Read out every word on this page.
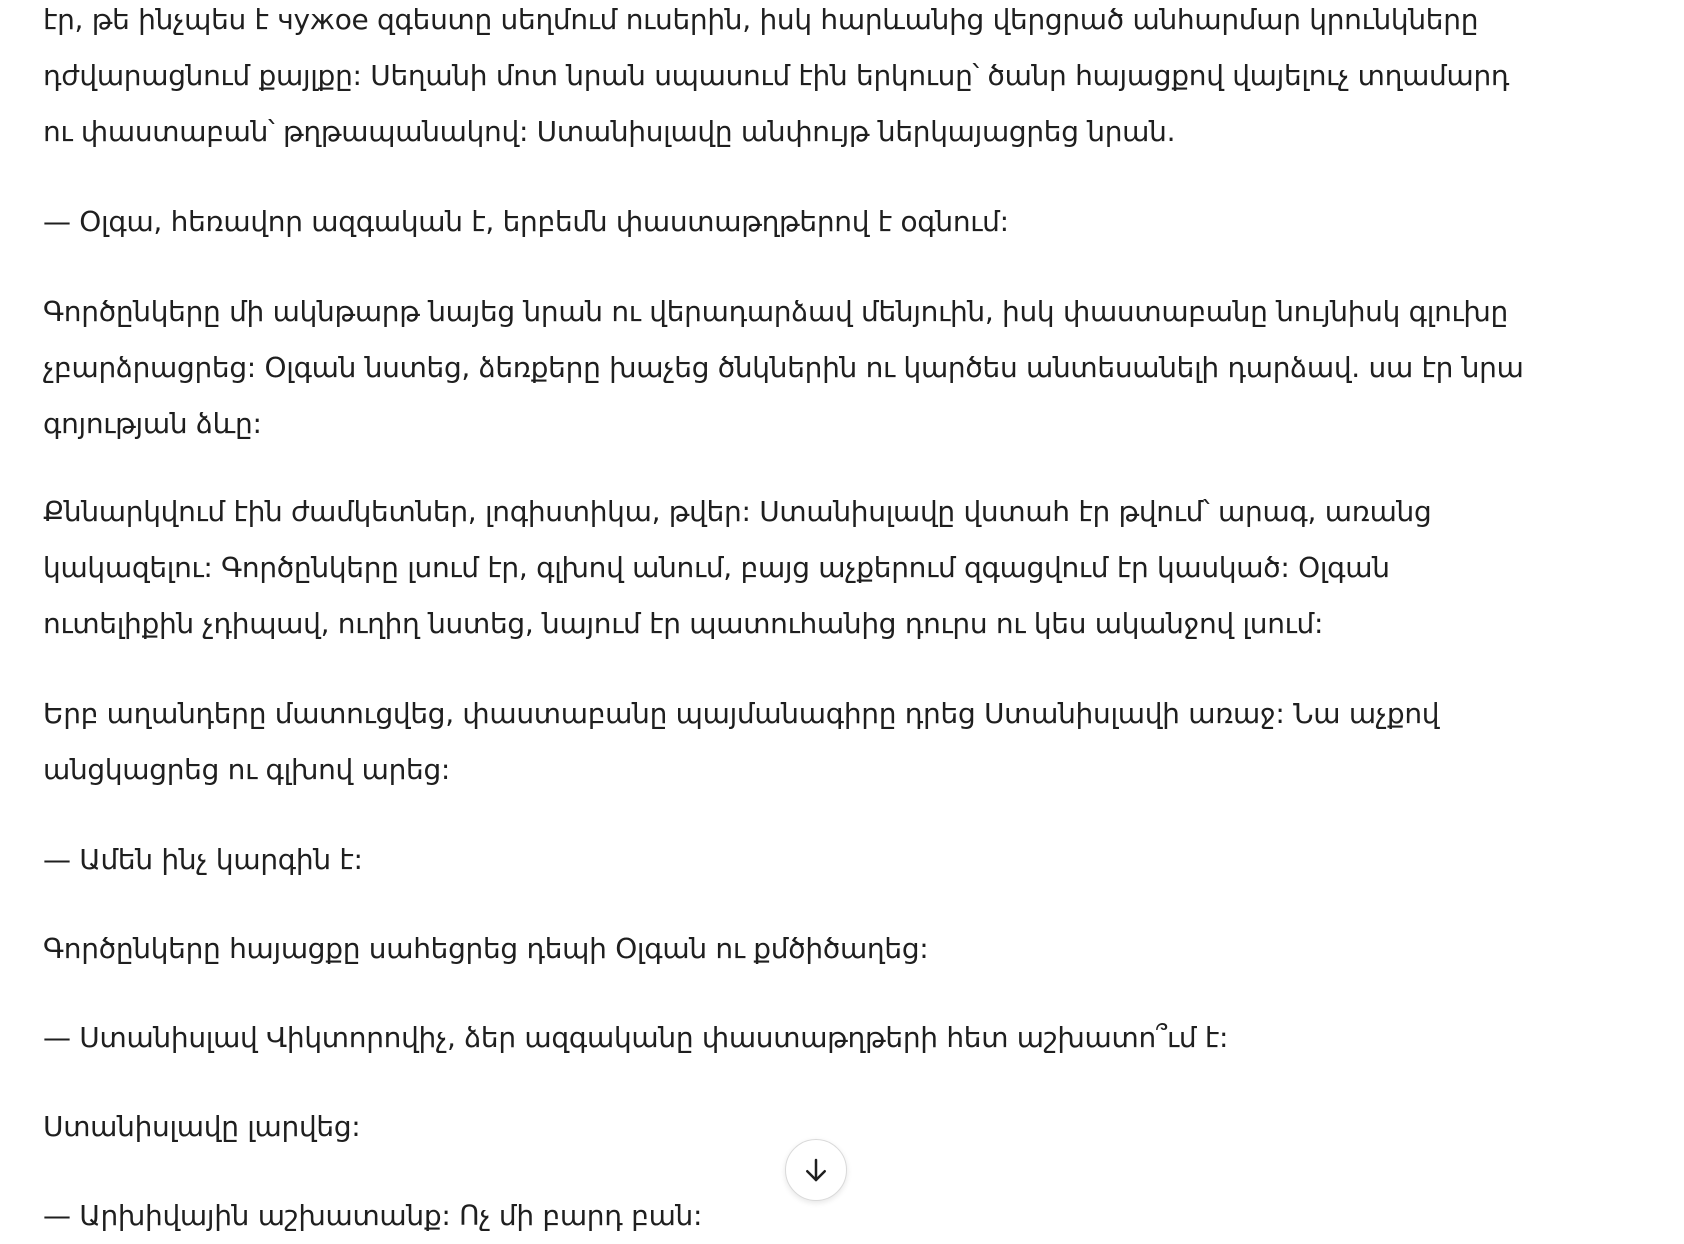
էր, թե ինչպես է чужое զգեստը սեղմում ուսերին, իսկ հարևանից վերցրած անհարմար կրունկները
դժվարացնում քայլքը: Սեղանի մոտ նրան սպասում էին երկուսը՝ ծանր հայացքով վայելուչ տղամարդ
ու փաստաբան՝ թղթապանակով: Ստանիսլավը անփույթ ներկայացրեց նրան.

— Օլգա, հեռավոր ազգական է, երբեմն փաստաթղթերով է օգնում:

Գործընկերը մի ակնթարթ նայեց նրան ու վերադարձավ մենյուին, իսկ փաստաբանը նույնիսկ գլուխը
չբարձրացրեց: Օլգան նստեց, ձեռքերը խաչեց ծնկներին ու կարծես անտեսանելի դարձավ. սա էր նրա
գոյության ձևը:

Քննարկվում էին ժամկետներ, լոգիստիկա, թվեր: Ստանիսլավը վստահ էր թվում՝ արագ, առանց
կակազելու: Գործընկերը լսում էր, գլխով անում, բայց աչքերում զգացվում էր կասկած: Օլգան
ուտելիքին չդիպավ, ուղիղ նստեց, նայում էր պատուհանից դուրս ու կես ականջով լսում:

Երբ աղանդերը մատուցվեց, փաստաբանը պայմանագիրը դրեց Ստանիսլավի առաջ: Նա աչքով
անցկացրեց ու գլխով արեց:

— Ամեն ինչ կարգին է:

Գործընկերը հայացքը սահեցրեց դեպի Օլգան ու քմծիծաղեց:

— Ստանիսլավ Վիկտորովիչ, ձեր ազգականը փաստաթղթերի հետ աշխատո՞ւմ է:

Ստանիսլավը լարվեց:

— Արխիվային աշխատանք: Ոչ մի բարդ բան:
